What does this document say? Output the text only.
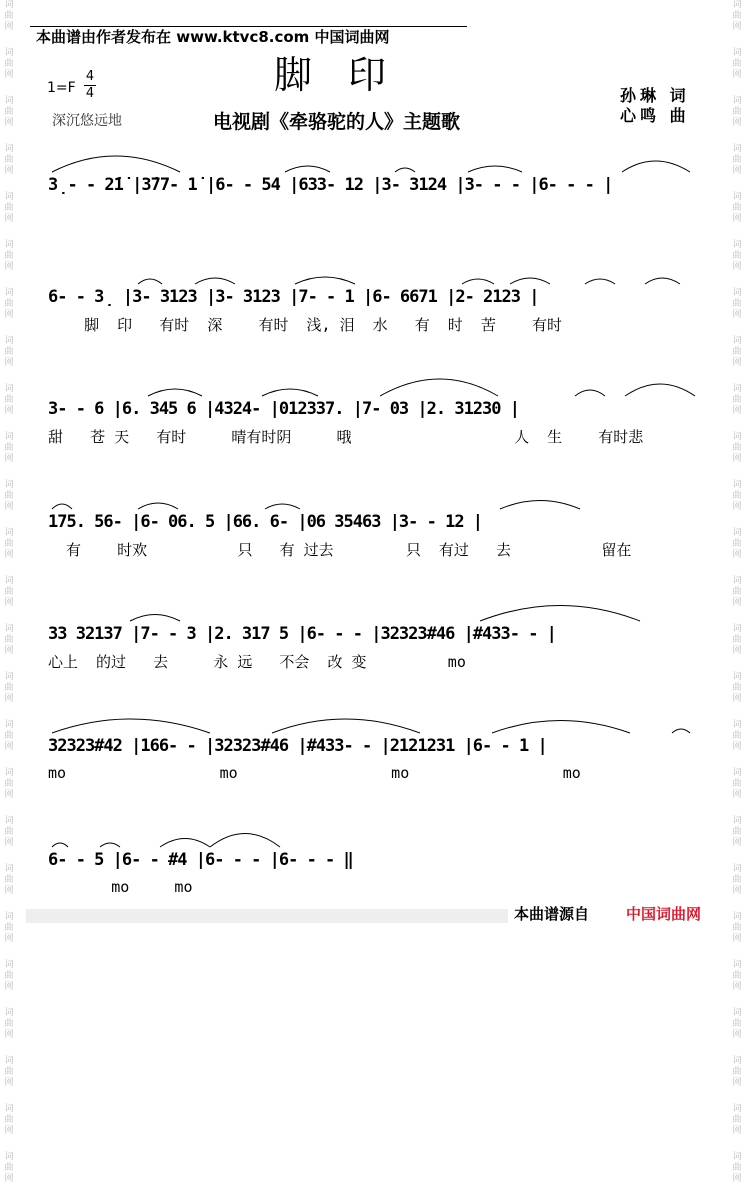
词
曲
网
词
曲
网
词
曲
网
词
曲
网
词
曲
网
词
曲
网
词
曲
网
词
曲
网
词
曲
网
词
曲
网
词
曲
网
词
曲
网
词
曲
网
词
曲
网
词
曲
网
词
曲
网
词
曲
网
词
曲
网
词
曲
网
词
曲
网
词
曲
网
词
曲
网
词
曲
网
词
曲
网
词
曲
网
词
曲
网
词
曲
网
词
曲
网
词
曲
网
词
曲
网
词
曲
网
词
曲
网
词
曲
网
词
曲
网
词
曲
网
词
曲
网
词
曲
网
词
曲
网
词
曲
网
词
曲
网
词
曲
网
词
曲
网
词
曲
网
词
曲
网
词
曲
网
词
曲
网
词
曲
网
词
曲
网
词
曲
网
词
曲
网
本曲谱由作者发布在 www.ktvc8.com 中国词曲网
脚印
1=F
4
4
深沉悠远地	电视剧《牵骆驼的人》主题歌
孙琳 词
心鸣 曲
3̣- - 2̇1̇ |3̇77- 1̇ |6- - 54 |633- 12 |3- 3124 |3- - - |6- - - |
6- - 3̣ |3- 3123 |3- 3123 |7- - 1 |6- 6671 |2- 2123 |
脚  印   有时  深    有时  浅, 泪  水   有  时  苦    有时
3- - 6 |6. 345 6 |4324- |012337. |7- 03 |2. 31230 |
甜   苍 天   有时     晴有时阴     哦                  人  生    有时悲
175. 56- |6- 06. 5 |66. 6- |06 35463 |3- - 12 |
有    时欢          只   有 过去        只  有过   去          留在
33 32137 |7- - 3 |2. 317 5 |6- - - |32323#46 |#433- - |
心上  的过   去     永 远   不会  改 变         mo
32323#42 |166- - |32323#46 |#433- - |2121231 |6- - 1 |
mo                 mo                 mo                 mo
6- - 5 |6- - #4 |6- - - |6- - - ‖
mo     mo
本曲谱源自 中国词曲网
